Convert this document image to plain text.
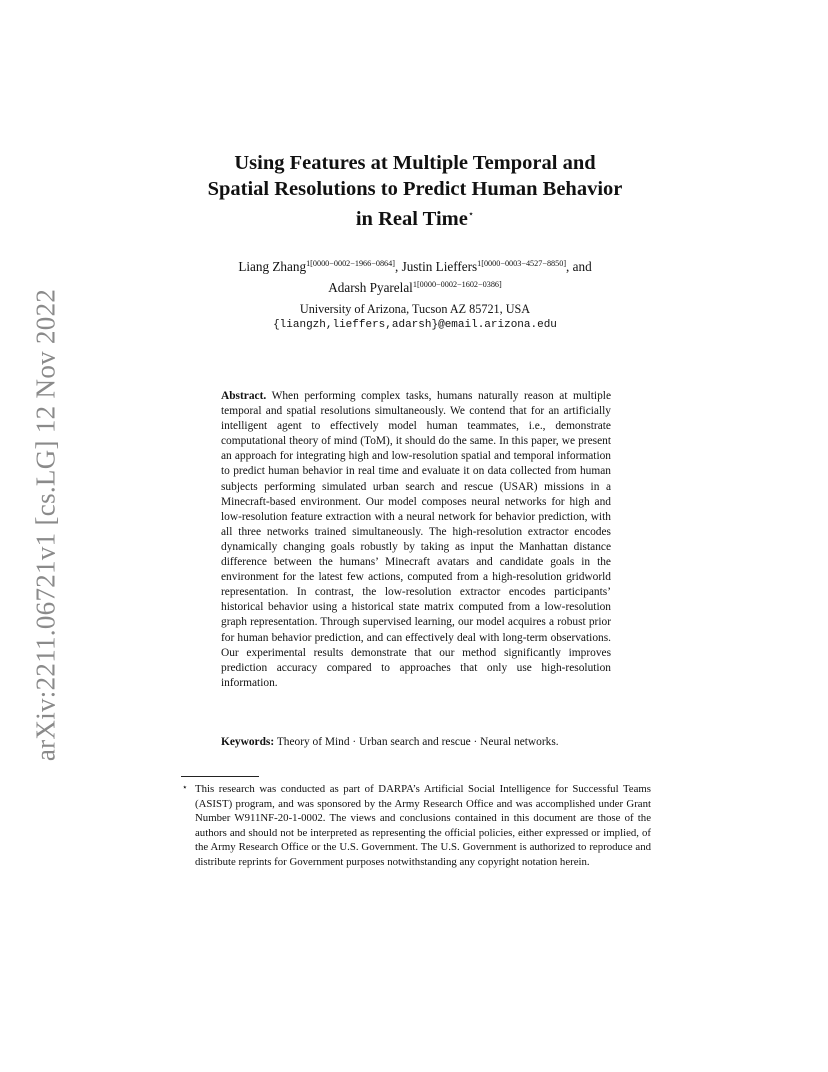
arXiv:2211.06721v1 [cs.LG] 12 Nov 2022
Using Features at Multiple Temporal and
Spatial Resolutions to Predict Human Behavior
in Real Time⋆
Liang Zhang$^{1[0000-0002-1966-0864]}$, Justin Lieffers$^{1[0000-0003-4527-8850]}$, and
Adarsh Pyarelal$^{1[0000-0002-1602-0386]}$
University of Arizona, Tucson AZ 85721, USA
{liangzh,lieffers,adarsh}@email.arizona.edu
Abstract. When performing complex tasks, humans naturally reason at multiple temporal and spatial resolutions simultaneously. We contend that for an artificially intelligent agent to effectively model human teammates, i.e., demonstrate computational theory of mind (ToM), it should do the same. In this paper, we present an approach for integrating high and low-resolution spatial and temporal information to predict human behavior in real time and evaluate it on data collected from human subjects performing simulated urban search and rescue (USAR) missions in a Minecraft-based environment. Our model composes neural networks for high and low-resolution feature extraction with a neural network for behavior prediction, with all three networks trained simultaneously. The high-resolution extractor encodes dynamically changing goals robustly by taking as input the Manhattan distance difference between the humans’ Minecraft avatars and candidate goals in the environment for the latest few actions, computed from a high-resolution gridworld representation. In contrast, the low-resolution extractor encodes participants’ historical behavior using a historical state matrix computed from a low-resolution graph representation. Through supervised learning, our model acquires a robust prior for human behavior prediction, and can effectively deal with long-term observations. Our experimental results demonstrate that our method significantly improves prediction accuracy compared to approaches that only use high-resolution information.
Keywords: Theory of Mind · Urban search and rescue · Neural networks.
⋆ This research was conducted as part of DARPA’s Artificial Social Intelligence for Successful Teams (ASIST) program, and was sponsored by the Army Research Office and was accomplished under Grant Number W911NF-20-1-0002. The views and conclusions contained in this document are those of the authors and should not be interpreted as representing the official policies, either expressed or implied, of the Army Research Office or the U.S. Government. The U.S. Government is authorized to reproduce and distribute reprints for Government purposes notwithstanding any copyright notation herein.
